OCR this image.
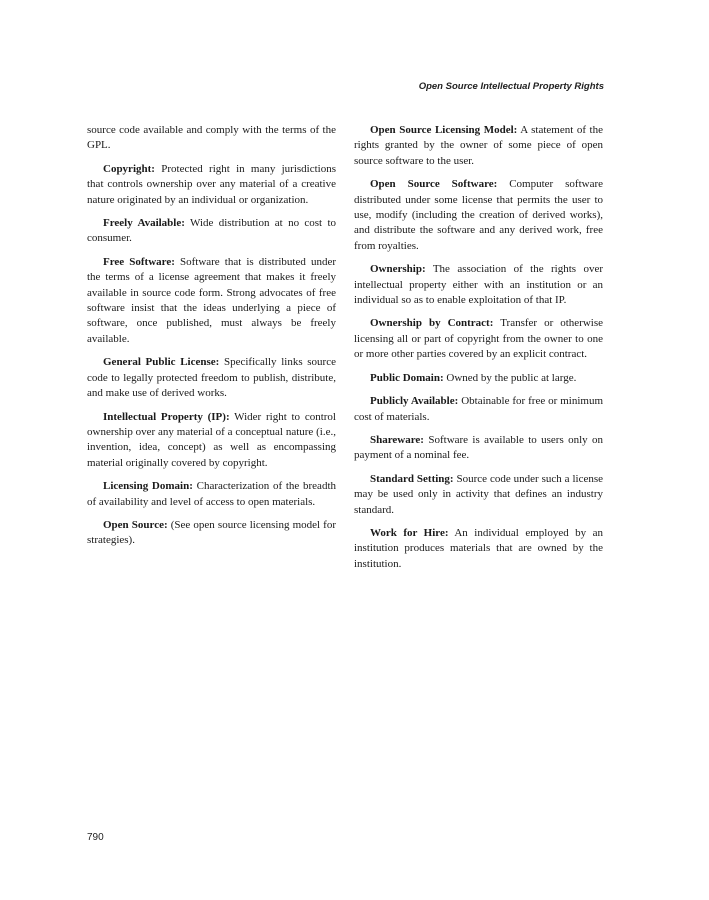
Open Source Intellectual Property Rights

source code available and comply with the terms of the GPL.

Copyright: Protected right in many jurisdictions that controls ownership over any material of a creative nature originated by an individual or organization.

Freely Available: Wide distribution at no cost to consumer.

Free Software: Software that is distributed under the terms of a license agreement that makes it freely available in source code form. Strong advocates of free software insist that the ideas underlying a piece of software, once published, must always be freely available.

General Public License: Specifically links source code to legally protected freedom to publish, distribute, and make use of derived works.

Intellectual Property (IP): Wider right to control ownership over any material of a conceptual nature (i.e., invention, idea, concept) as well as encompassing material originally covered by copyright.

Licensing Domain: Characterization of the breadth of availability and level of access to open materials.

Open Source: (See open source licensing model for strategies).

Open Source Licensing Model: A statement of the rights granted by the owner of some piece of open source software to the user.

Open Source Software: Computer software distributed under some license that permits the user to use, modify (including the creation of derived works), and distribute the software and any derived work, free from royalties.

Ownership: The association of the rights over intellectual property either with an institution or an individual so as to enable exploitation of that IP.

Ownership by Contract: Transfer or otherwise licensing all or part of copyright from the owner to one or more other parties covered by an explicit contract.

Public Domain: Owned by the public at large.

Publicly Available: Obtainable for free or minimum cost of materials.

Shareware: Software is available to users only on payment of a nominal fee.

Standard Setting: Source code under such a license may be used only in activity that defines an industry standard.

Work for Hire: An individual employed by an institution produces materials that are owned by the institution.

790
